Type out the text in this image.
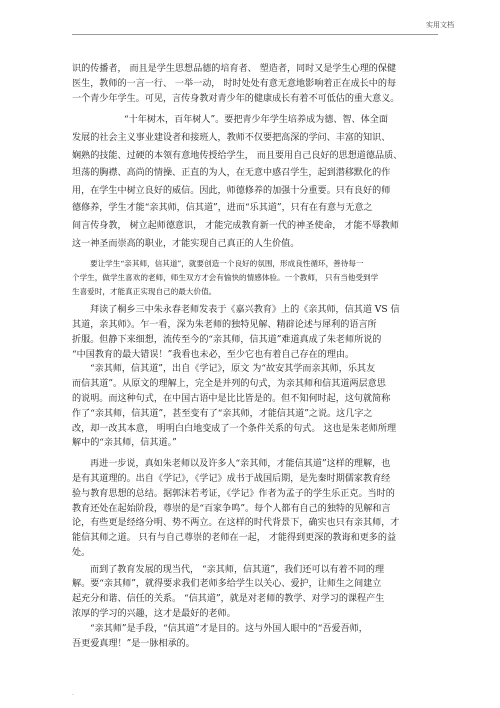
实用文档
识的传播者， 而且是学生思想品德的培育者、 塑造者，同时又是学生心理的保健
医生，教师的一言一行、 一举一动， 时时处处有意无意地影响着正在成长中的每
一个青少年学生。可见，言传身教对青少年的健康成长有着不可低估的重大意义。
“十年树木，百年树人”。要把青少年学生培养成为德、智、体全面
发展的社会主义事业建设者和接班人，教师不仅要把高深的学问、丰富的知识、
娴熟的技能、过硬的本领有意地传授给学生， 而且要用自己良好的思想道德品质、
坦荡的胸襟、高尚的情操、正直的为人，在无意中感召学生，起到潜移默化的作
用，在学生中树立良好的威信。因此，师德修养的加强十分重要。只有良好的师
德修养，学生才能“亲其师，信其道”，进而“乐其道”，只有在有意与无意之
间言传身教， 树立起师德意识， 才能完成教育新一代的神圣使命， 才能不辱教师
这一神圣而崇高的职业，才能实现自己真正的人生价值。
要让学生“亲其师，信其道”，就要创造一个良好的氛围，形成良性循环，善待每一
个学生，做学生喜欢的老师，师生双方才会有愉快的情感体验。一个教师， 只有当他受到学
生喜爱时，才能真正实现自己的最大价值。
拜读了桐乡三中朱永春老师发表于《嘉兴教育》上的《亲其师，信其道 VS 信
其道，亲其师》。乍一看，深为朱老师的独特见解、精辟论述与犀利的语言所
折服。但静下来细想，流传至今的“亲其师，信其道”难道真成了朱老师所说的
“中国教育的最大错误！”我看也未必，至少它也有着自己存在的理由。
“亲其师，信其道”，出自《学记》，原文 为“故安其学而亲其师，乐其友
而信其道”。从原文的理解上，完全是并列的句式，为亲其师和信其道两层意思
的说明。而这种句式，在中国古语中是比比皆是的。但不知何时起，这句就简称
作了“亲其师，信其道”，甚至变有了“亲其师，才能信其道”之说。这几字之
改，却一改其本意， 明明白白地变成了一个条件关系的句式。 这也是朱老师所理
解中的“亲其师，信其道。”
再进一步说，真如朱老师以及许多人“亲其师，才能信其道”这样的理解，也
是有其道理的。出自《学记》，《学记》成书于战国后期，是先秦时期儒家教育经
验与教育思想的总结。据郭沫若考证，《学记》作者为孟子的学生乐正克。当时的
教育还处在起始阶段，尊崇的是“百家争鸣”。每个人都有自己的独特的见解和言
论，有些更是经络分明、势不两立。在这样的时代背景下，确实也只有亲其师，才
能信其师之道。 只有与自己尊崇的老师在一起， 才能得到更深的教诲和更多的益
处。
而到了教育发展的现当代， “亲其师，信其道”，我们还可以有着不同的理
解。要“亲其师”，就得要求我们老师多给学生以关心、爱护，让师生之间建立
起充分和谐、信任的关系。 “信其道”，就是对老师的教学、对学习的课程产生
浓厚的学习的兴趣，这才是最好的老师。
“亲其师”是手段，“信其道”才是目的。这与外国人眼中的“吾爱吾师，
吾更爱真理！”是一脉相承的。
.
